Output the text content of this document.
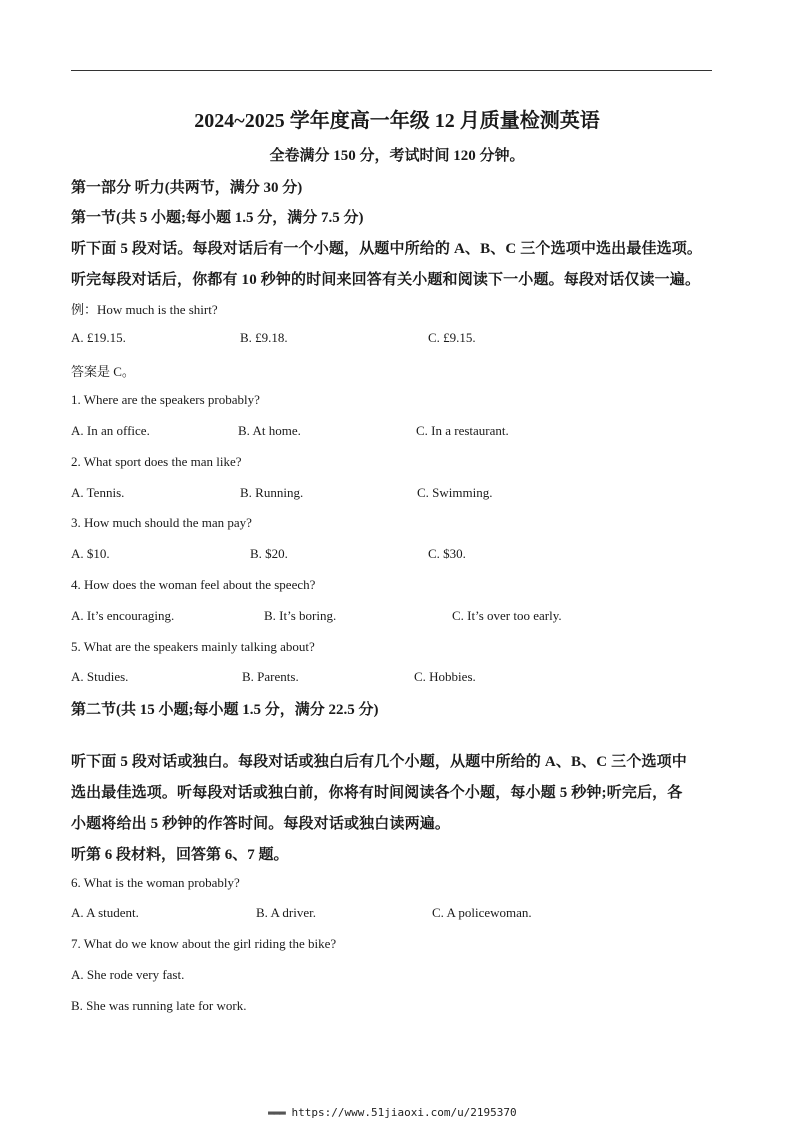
2024~2025 学年度高一年级 12 月质量检测英语
全卷满分 150 分，考试时间 120 分钟。
第一部分 听力(共两节，满分 30 分)
第一节(共 5 小题;每小题 1.5 分，满分 7.5 分)
听下面 5 段对话。每段对话后有一个小题，从题中所给的 A、B、C 三个选项中选出最佳选项。
听完每段对话后，你都有 10 秒钟的时间来回答有关小题和阅读下一小题。每段对话仅读一遍。
例：How much is the shirt?
A. £19.15.	B. £9.18.	C. £9.15.
答案是 C。
1. Where are the speakers probably?
A. In an office.	B. At home.	C. In a restaurant.
2. What sport does the man like?
A. Tennis.	B. Running.	C. Swimming.
3. How much should the man pay?
A. $10.	B. $20.	C. $30.
4. How does the woman feel about the speech?
A. It’s encouraging.	B. It’s boring.	C. It’s over too early.
5. What are the speakers mainly talking about?
A. Studies.	B. Parents.	C. Hobbies.
第二节(共 15 小题;每小题 1.5 分，满分 22.5 分)
听下面 5 段对话或独白。每段对话或独白后有几个小题，从题中所给的 A、B、C 三个选项中
选出最佳选项。听每段对话或独白前，你将有时间阅读各个小题，每小题 5 秒钟;听完后，各
小题将给出 5 秒钟的作答时间。每段对话或独白读两遍。
听第 6 段材料，回答第 6、7 题。
6. What is the woman probably?
A. A student.	B. A driver.	C. A policewoman.
7. What do we know about the girl riding the bike?
A. She rode very fast.
B. She was running late for work.
▬▬▬ https://www.51jiaoxi.com/u/2195370
